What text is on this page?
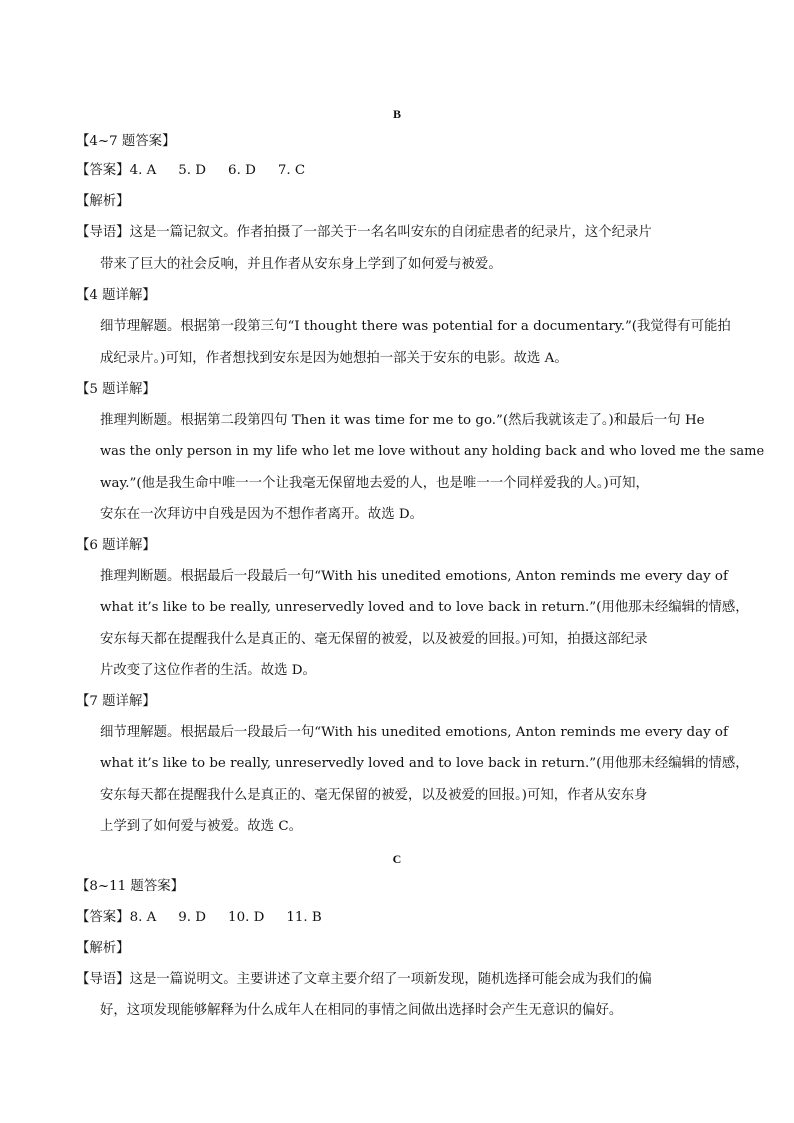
B
【4~7 题答案】
【答案】4. A 5. D 6. D 7. C
【解析】
【导语】这是一篇记叙文。作者拍摄了一部关于一名名叫安东的自闭症患者的纪录片，这个纪录片
带来了巨大的社会反响，并且作者从安东身上学到了如何爱与被爱。
【4 题详解】
细节理解题。根据第一段第三句“I thought there was potential for a documentary.”(我觉得有可能拍
成纪录片。)可知，作者想找到安东是因为她想拍一部关于安东的电影。故选 A。
【5 题详解】
推理判断题。根据第二段第四句 Then it was time for me to go.”(然后我就该走了。)和最后一句 He
was the only person in my life who let me love without any holding back and who loved me the same
way.”(他是我生命中唯一一个让我毫无保留地去爱的人，也是唯一一个同样爱我的人。)可知，
安东在一次拜访中自残是因为不想作者离开。故选 D。
【6 题详解】
推理判断题。根据最后一段最后一句“With his unedited emotions, Anton reminds me every day of
what it’s like to be really, unreservedly loved and to love back in return.”(用他那未经编辑的情感，
安东每天都在提醒我什么是真正的、毫无保留的被爱，以及被爱的回报。)可知，拍摄这部纪录
片改变了这位作者的生活。故选 D。
【7 题详解】
细节理解题。根据最后一段最后一句“With his unedited emotions, Anton reminds me every day of
what it’s like to be really, unreservedly loved and to love back in return.”(用他那未经编辑的情感，
安东每天都在提醒我什么是真正的、毫无保留的被爱，以及被爱的回报。)可知，作者从安东身
上学到了如何爱与被爱。故选 C。
C
【8~11 题答案】
【答案】8. A 9. D 10. D 11. B
【解析】
【导语】这是一篇说明文。主要讲述了文章主要介绍了一项新发现，随机选择可能会成为我们的偏
好，这项发现能够解释为什么成年人在相同的事情之间做出选择时会产生无意识的偏好。
